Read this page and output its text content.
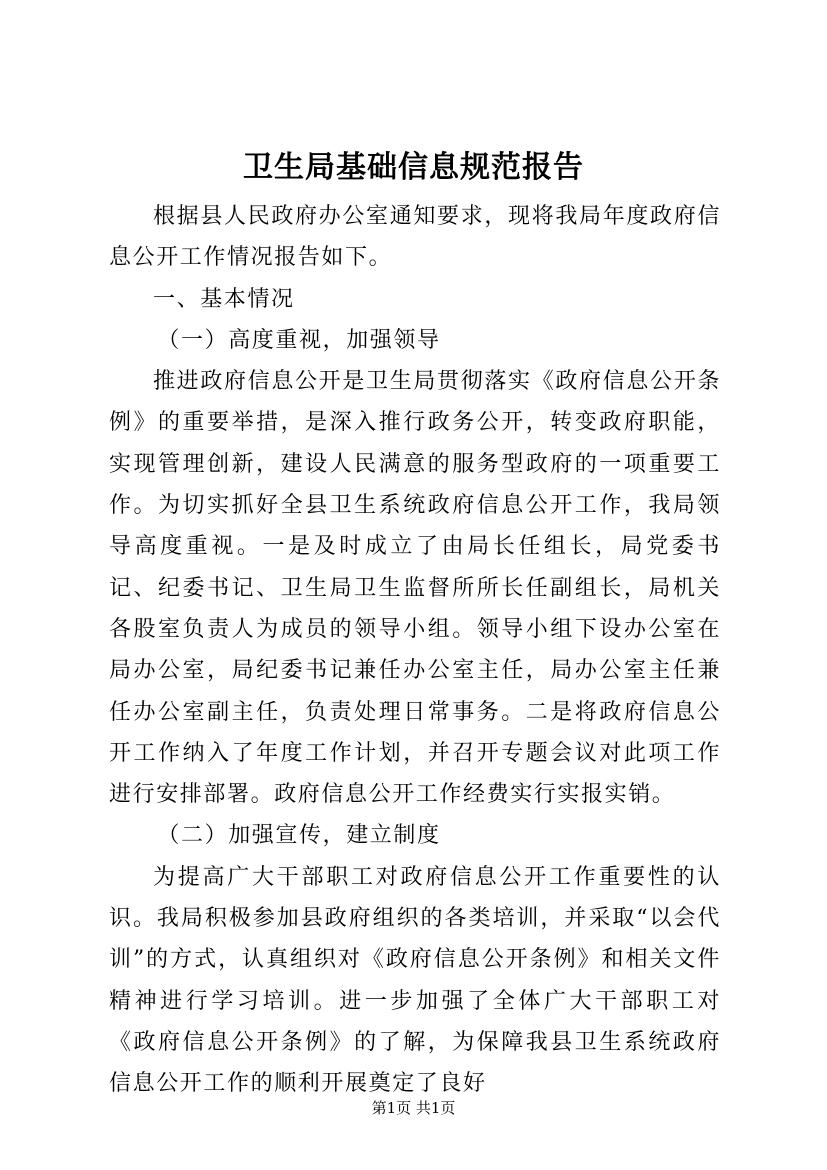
卫生局基础信息规范报告

根据县人民政府办公室通知要求，现将我局年度政府信息公开工作情况报告如下。

一、基本情况

（一）高度重视，加强领导

推进政府信息公开是卫生局贯彻落实《政府信息公开条例》的重要举措，是深入推行政务公开，转变政府职能，实现管理创新，建设人民满意的服务型政府的一项重要工作。为切实抓好全县卫生系统政府信息公开工作，我局领导高度重视。一是及时成立了由局长任组长，局党委书记、纪委书记、卫生局卫生监督所所长任副组长，局机关各股室负责人为成员的领导小组。领导小组下设办公室在局办公室，局纪委书记兼任办公室主任，局办公室主任兼任办公室副主任，负责处理日常事务。二是将政府信息公开工作纳入了年度工作计划，并召开专题会议对此项工作进行安排部署。政府信息公开工作经费实行实报实销。

（二）加强宣传，建立制度

为提高广大干部职工对政府信息公开工作重要性的认识。我局积极参加县政府组织的各类培训，并采取“以会代训”的方式，认真组织对《政府信息公开条例》和相关文件精神进行学习培训。进一步加强了全体广大干部职工对《政府信息公开条例》的了解，为保障我县卫生系统政府信息公开工作的顺利开展奠定了良好

第1页 共1页
